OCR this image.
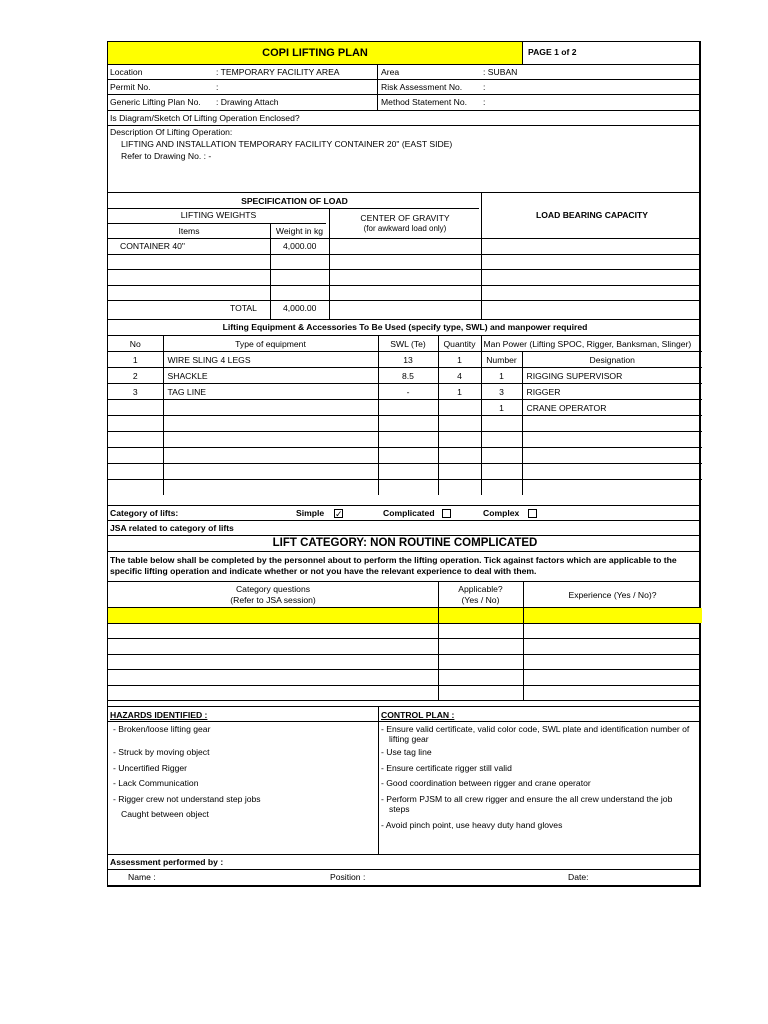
COPI LIFTING PLAN	PAGE 1 of 2
Location	: TEMPORARY FACILITY AREA	Area	: SUBAN
Permit No.	:	Risk Assessment No. :
Generic Lifting Plan No. : Drawing Attach	Method Statement No. :
Is Diagram/Sketch Of Lifting Operation Enclosed?
Description Of Lifting Operation:
LIFTING AND INSTALLATION TEMPORARY FACILITY CONTAINER 20" (EAST SIDE)
Refer to Drawing No. : -
SPECIFICATION OF LOAD
LOAD BEARING CAPACITY
LIFTING WEIGHTS	CENTER OF GRAVITY
(for awkward load only)
Items	Weight in kg
CONTAINER 40"	4,000.00
TOTAL	4,000.00
Lifting Equipment & Accessories To Be Used (specify type, SWL) and manpower required
No	Type of equipment	SWL (Te)	Quantity	Man Power (Lifting SPOC, Rigger, Banksman, Slinger)	
1	WIRE SLING 4 LEGS	13	1	Number	Designation
2	SHACKLE	8.5	4	1	RIGGING SUPERVISOR
3	TAG LINE	-	1	3	RIGGER
				1	CRANE OPERATOR

Category of lifts:	Simple ✓	Complicated	Complex
JSA related to category of lifts
LIFT CATEGORY: NON ROUTINE COMPLICATED
The table below shall be completed by the personnel about to perform the lifting operation. Tick against factors which are applicable to the specific lifting operation and indicate whether or not you have the relevant experience to deal with them.
Category questions
(Refer to JSA session)
Applicable?
(Yes / No)	Experience (Yes / No)?
HAZARDS IDENTIFIED :	CONTROL PLAN :
- Broken/loose lifting gear
- Struck by moving object
- Uncertified Rigger
- Lack Communication
- Rigger crew not understand step jobs
Caught between object
- Ensure valid certificate, valid color code, SWL plate and identification number of
lifting gear
- Use tag line
- Ensure certificate rigger still valid
- Good coordination between rigger and crane operator
- Perform PJSM to all crew rigger and ensure the all crew understand the job
steps
- Avoid pinch point, use heavy duty hand gloves
Assessment performed by :
Name :	Position :	Date:
